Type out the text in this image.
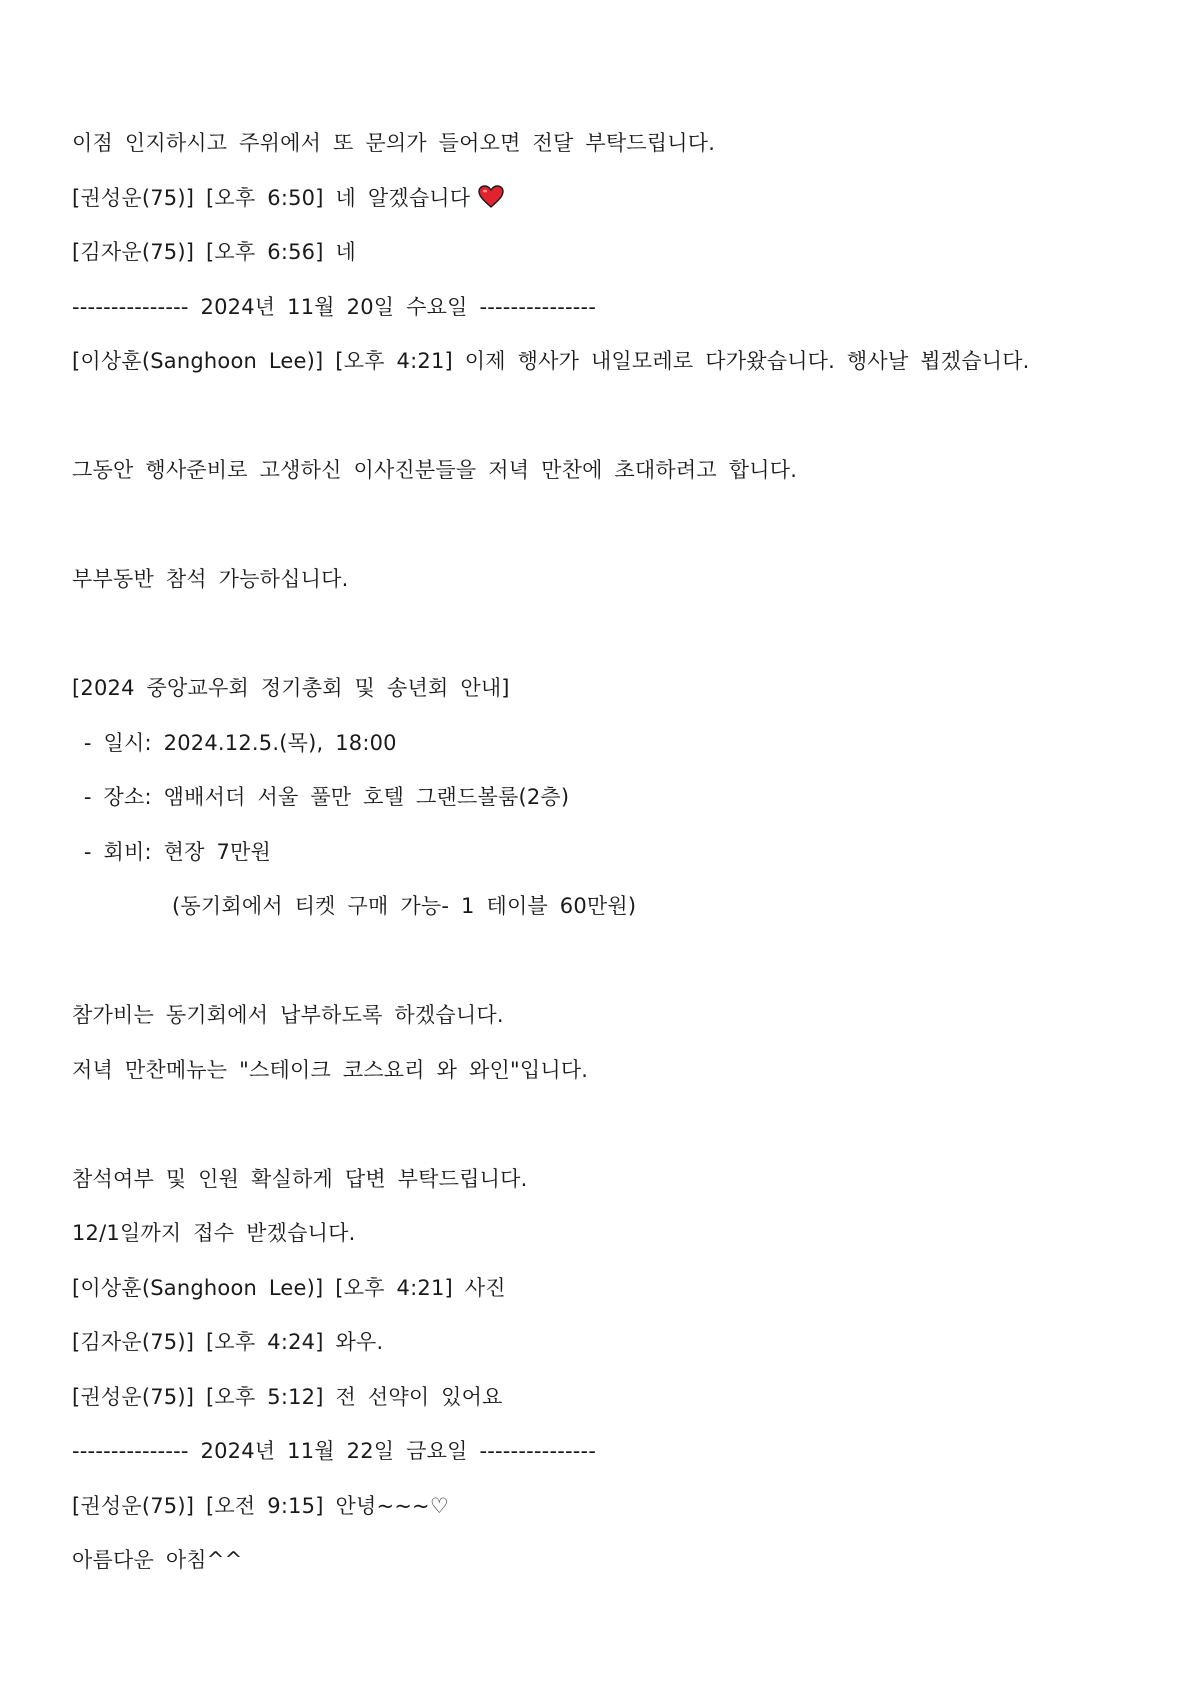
이점 인지하시고 주위에서 또 문의가 들어오면 전달 부탁드립니다.
[권성운(75)] [오후 6:50] 네 알겠습니다
[김자운(75)] [오후 6:56] 네
--------------- 2024년 11월 20일 수요일 ---------------
[이상훈(Sanghoon Lee)] [오후 4:21] 이제 행사가 내일모레로 다가왔습니다. 행사날 뵙겠습니다.
그동안 행사준비로 고생하신 이사진분들을 저녁 만찬에 초대하려고 합니다.
부부동반 참석 가능하십니다.
[2024 중앙교우회 정기총회 및 송년회 안내]
- 일시: 2024.12.5.(목), 18:00
- 장소: 앰배서더 서울 풀만 호텔 그랜드볼룸(2층)
- 회비: 현장 7만원
(동기회에서 티켓 구매 가능- 1 테이블 60만원)
참가비는 동기회에서 납부하도록 하겠습니다.
저녁 만찬메뉴는 "스테이크 코스요리 와 와인"입니다.
참석여부 및 인원 확실하게 답변 부탁드립니다.
12/1일까지 접수 받겠습니다.
[이상훈(Sanghoon Lee)] [오후 4:21] 사진
[김자운(75)] [오후 4:24] 와우.
[권성운(75)] [오후 5:12] 전 선약이 있어요
--------------- 2024년 11월 22일 금요일 ---------------
[권성운(75)] [오전 9:15] 안녕~~~♡
아름다운 아침^^
